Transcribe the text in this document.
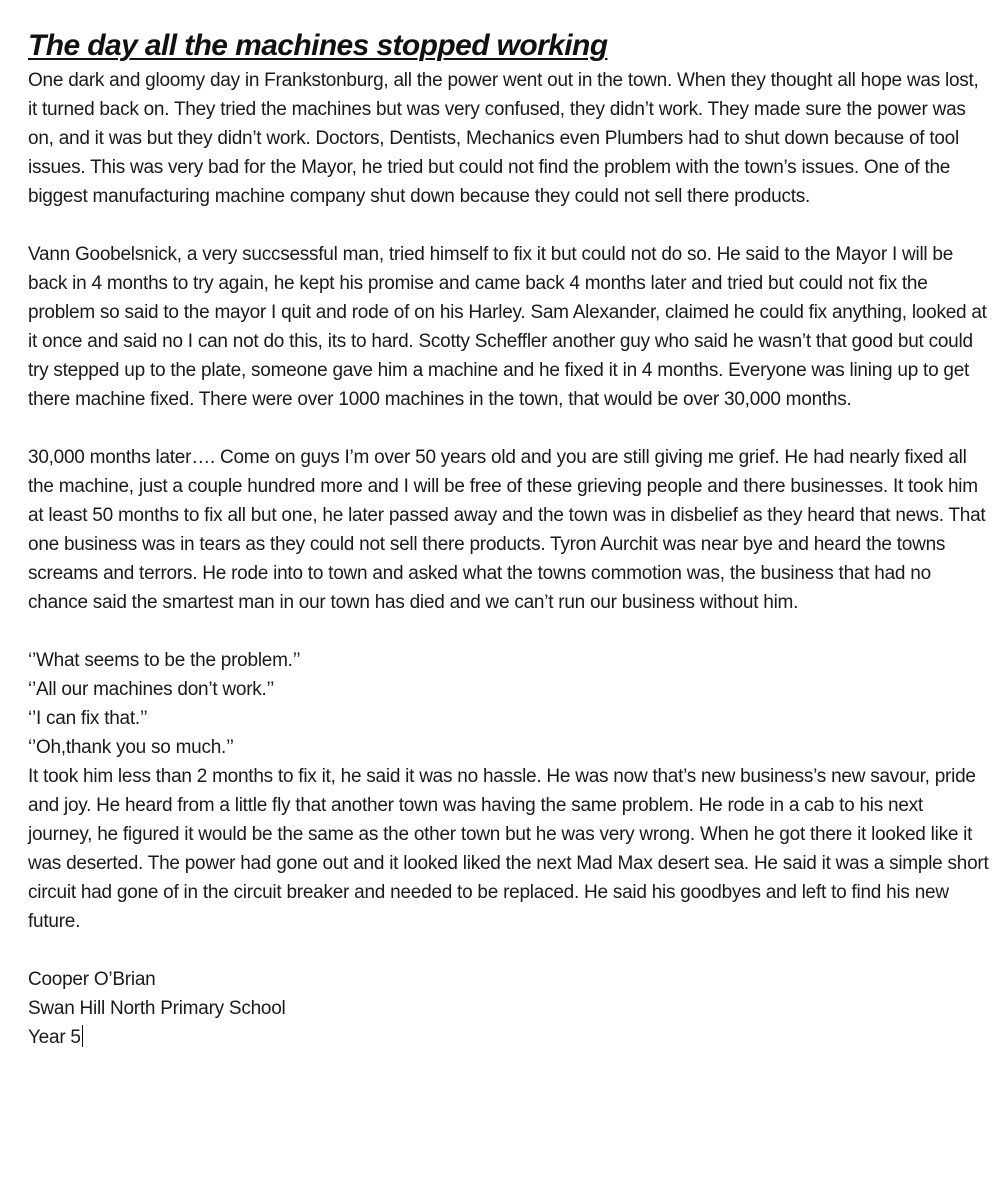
The day all the machines stopped working

One dark and gloomy day in Frankstonburg, all the power went out in the town. When they thought all hope was lost, it turned back on. They tried the machines but was very confused, they didn’t work. They made sure the power was on, and it was but they didn’t work. Doctors, Dentists, Mechanics even Plumbers had to shut down because of tool issues. This was very bad for the Mayor, he tried but could not find the problem with the town’s issues. One of the biggest manufacturing machine company shut down because they could not sell there products.

Vann Goobelsnick, a very succsessful man, tried himself to fix it but could not do so. He said to the Mayor I will be back in 4 months to try again, he kept his promise and came back 4 months later and tried but could not fix the problem so said to the mayor I quit and rode of on his Harley. Sam Alexander, claimed he could fix anything, looked at it once and said no I can not do this, its to hard. Scotty Scheffler another guy who said he wasn’t that good but could try stepped up to the plate, someone gave him a machine and he fixed it in 4 months. Everyone was lining up to get there machine fixed. There were over 1000 machines in the town, that would be over 30,000 months.

30,000 months later…. Come on guys I’m over 50 years old and you are still giving me grief. He had nearly fixed all the machine, just a couple hundred more and I will be free of these grieving people and there businesses. It took him at least 50 months to fix all but one, he later passed away and the town was in disbelief as they heard that news. That one business was in tears as they could not sell there products. Tyron Aurchit was near bye and heard the towns screams and terrors. He rode into to town and asked what the towns commotion was, the business that had no chance said the smartest man in our town has died and we can’t run our business without him.

‘’What seems to be the problem.’’
‘’All our machines don’t work.’’
‘’I can fix that.’’
‘’Oh,thank you so much.’’

It took him less than 2 months to fix it, he said it was no hassle. He was now that’s new business’s new savour, pride and joy. He heard from a little fly that another town was having the same problem. He rode in a cab to his next journey, he figured it would be the same as the other town but he was very wrong. When he got there it looked like it was deserted. The power had gone out and it looked liked the next Mad Max desert sea. He said it was a simple short circuit had gone of in the circuit breaker and needed to be replaced. He said his goodbyes and left to find his new future.

Cooper O’Brian
Swan Hill North Primary School
Year 5
